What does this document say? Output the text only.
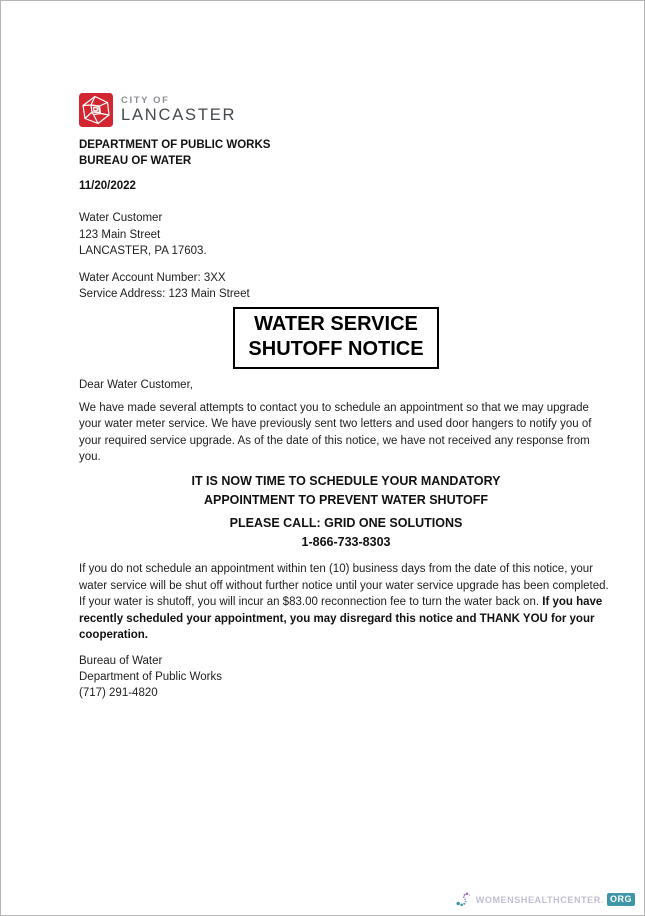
CITY OF
LANCASTER
DEPARTMENT OF PUBLIC WORKS
BUREAU OF WATER
11/20/2022
Water Customer
123 Main Street
LANCASTER, PA 17603.
Water Account Number: 3XX
Service Address: 123 Main Street
WATER SERVICE
SHUTOFF NOTICE
Dear Water Customer,

We have made several attempts to contact you to schedule an appointment so that we may upgrade your water meter service. We have previously sent two letters and used door hangers to notify you of your required service upgrade. As of the date of this notice, we have not received any response from you.

IT IS NOW TIME TO SCHEDULE YOUR MANDATORY
APPOINTMENT TO PREVENT WATER SHUTOFF
PLEASE CALL: GRID ONE SOLUTIONS
1-866-733-8303

If you do not schedule an appointment within ten (10) business days from the date of this notice, your water service will be shut off without further notice until your water service upgrade has been completed. If your water is shutoff, you will incur an $83.00 reconnection fee to turn the water back on. If you have recently scheduled your appointment, you may disregard this notice and THANK YOU for your cooperation.

Bureau of Water
Department of Public Works
(717) 291-4820
WOMENSHEALTHCENTER. ORG
